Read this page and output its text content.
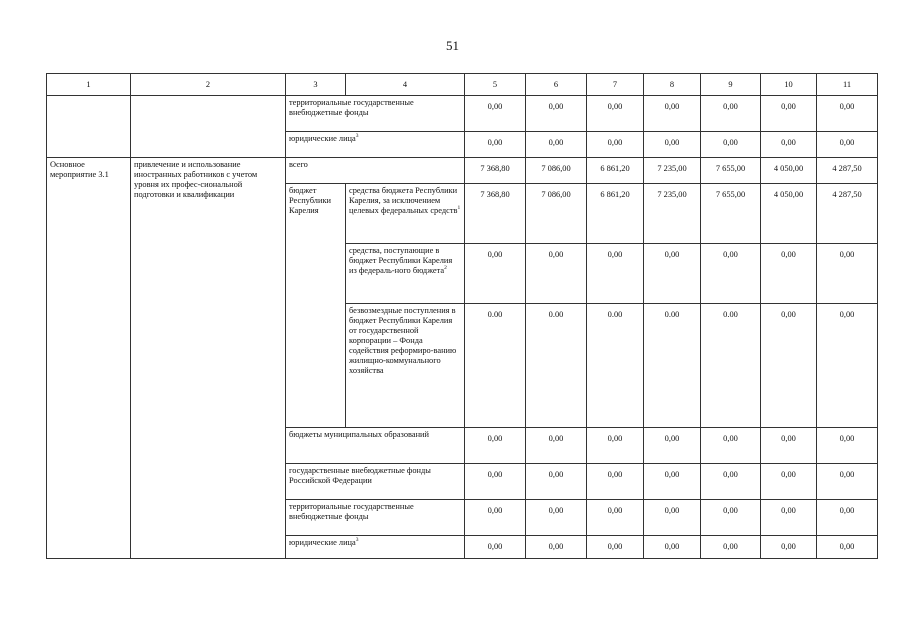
51
1	2	3	4	5	6	7	8	9	10	11
		территориальные государственные внебюджетные фонды		0,00	0,00	0,00	0,00	0,00	0,00	0,00
		юридические лица$^3$		0,00	0,00	0,00	0,00	0,00	0,00	0,00
Основное мероприятие 3.1	привлечение и использование иностранных работников с учетом уровня их профес-сиональной подготовки и квалификации	всего		7 368,80	7 086,00	6 861,20	7 235,00	7 655,00	4 050,00	4 287,50
		бюджет Республики Карелия	средства бюджета Республики Карелия, за исключением целевых федеральных средств$^1$	7 368,80	7 086,00	6 861,20	7 235,00	7 655,00	4 050,00	4 287,50
			средства, поступающие в бюджет Республики Карелия из федераль-ного бюджета$^2$	0,00	0,00	0,00	0,00	0,00	0,00	0,00
			безвозмездные поступления в бюджет Республики Карелия от государственной корпорации – Фонда содействия реформиро-ванию жилищно-коммунального хозяйства	0.00	0.00	0.00	0.00	0.00	0,00	0,00
		бюджеты муниципальных образований		0,00	0,00	0,00	0,00	0,00	0,00	0,00
		государственные внебюджетные фонды Российской Федерации		0,00	0,00	0,00	0,00	0,00	0,00	0,00
		территориальные государственные внебюджетные фонды		0,00	0,00	0,00	0,00	0,00	0,00	0,00
		юридические лица$^3$		0,00	0,00	0,00	0,00	0,00	0,00	0,00
